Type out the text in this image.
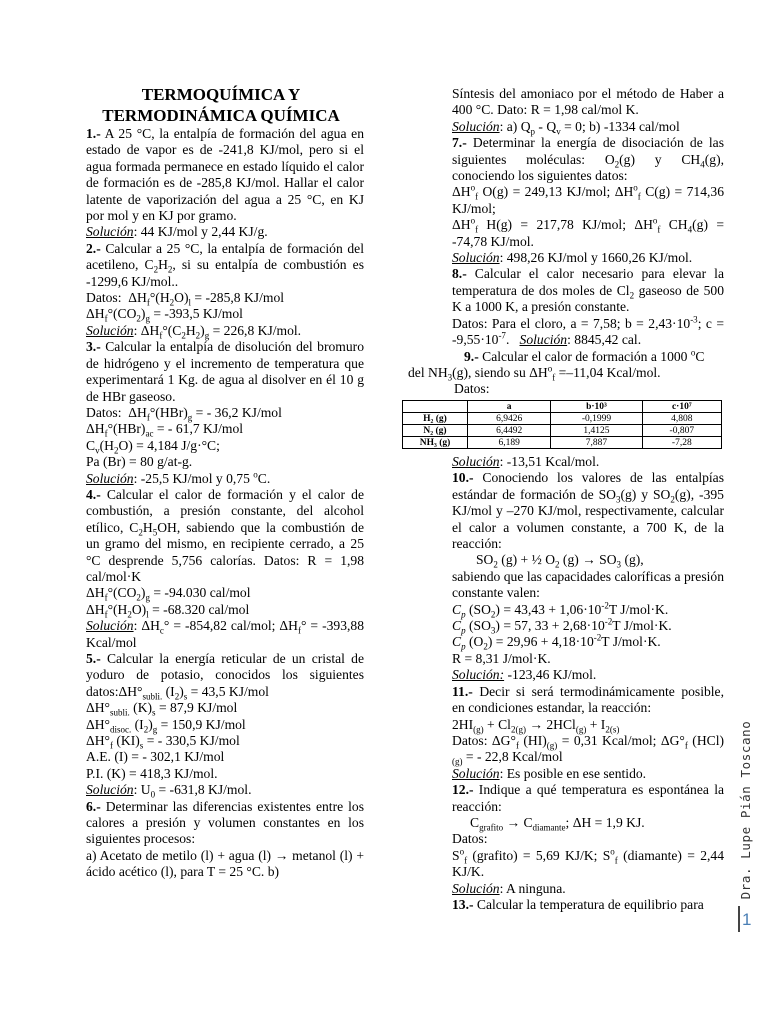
TERMOQUÍMICA Y
TERMODINÁMICA QUÍMICA

1.- A 25 °C, la entalpía de formación del agua en estado de vapor es de -241,8 KJ/mol, pero si el agua formada permanece en estado líquido el calor de formación es de -285,8 KJ/mol. Hallar el calor latente de vaporización del agua a 25 °C, en KJ por mol y en KJ por gramo.

Solución: 44 KJ/mol y 2,44 KJ/g.

2.- Calcular a 25 °C, la entalpía de formación del acetileno, $C_2H_2$, si su entalpía de combustión es -1299,6 KJ/mol..

Datos:  $\Delta H_f^\circ(H_2O)_l = -285,8$ KJ/mol
$\Delta H_f^\circ(CO_2)_g = -393,5$ KJ/mol

Solución: $\Delta H_f^\circ(C_2H_2)_g = 226,8$ KJ/mol.

3.- Calcular la entalpía de disolución del bromuro de hidrógeno y el incremento de temperatura que experimentará 1 Kg. de agua al disolver en él 10 g de HBr gaseoso.

Datos:  $\Delta H_f^\circ(HBr)_g$ = - 36,2 KJ/mol
$\Delta H_f^\circ(HBr)_{ac}$ = - 61,7 KJ/mol
$C_v(H_2O) = 4,184$ J/g·°C;
Pa (Br) = 80 g/at-g.

Solución: -25,5 KJ/mol y 0,75 $^o$C.

4.- Calcular el calor de formación y el calor de combustión, a presión constante, del alcohol etílico, $C_2H_5OH$, sabiendo que la combustión de un gramo del mismo, en recipiente cerrado, a 25 °C desprende 5,756 calorías. Datos: R = 1,98 cal/mol·K
$\Delta H_f^\circ(CO_2)_g = -94.030$ cal/mol
$\Delta H_f^\circ(H_2O)_l = -68.320$ cal/mol

Solución: $\Delta H_c^\circ = -854,82$ cal/mol; $\Delta H_f^\circ = -393,88$ Kcal/mol

5.- Calcular la energía reticular de un cristal de yoduro de potasio, conocidos los siguientes $datos:\Delta H^\circ_{subli.}$ $(I_2)_s = 43,5$ KJ/mol
$\Delta H^\circ_{subli.}$ $(K)_s = 87,9$ KJ/mol
$\Delta H^\circ_{disoc.}$ $(I_2)_g = 150,9$ KJ/mol
$\Delta H^\circ_f$ $(KI)_s$ = - 330,5 KJ/mol
A.E. (I) = - 302,1 KJ/mol
P.I. (K) = 418,3 KJ/mol.

Solución: $U_0 = -631,8$ KJ/mol.

6.- Determinar las diferencias existentes entre los calores a presión y volumen constantes en los siguientes procesos:
a) Acetato de metilo (l) + agua (l) → metanol (l) + ácido acético (l), para T = 25 °C. b)

Síntesis del amoniaco por el método de Haber a 400 °C. Dato: R = 1,98 cal/mol K.

Solución: a) $Q_p - Q_v = 0$; b) -1334 cal/mol

7.- Determinar la energía de disociación de las siguientes moléculas: $O_2(g)$ y $CH_4(g)$, conociendo los siguientes datos:
$\Delta H^o_f$ O(g) = 249,13 KJ/mol; $\Delta H^o_f$ C(g) = 714,36 KJ/mol;
$\Delta H^o_f$ H(g) = 217,78 KJ/mol; $\Delta H^o_f$ $CH_4(g) = -74,78$ KJ/mol.

Solución: 498,26 KJ/mol y 1660,26 KJ/mol.

8.- Calcular el calor necesario para elevar la temperatura de dos moles de $Cl_2$ gaseoso de 500 K a 1000 K, a presión constante.
Datos: Para el cloro, a = 7,58; $b = 2,43\cdot 10^{-3}$; $c = -9,55\cdot 10^{-7}$.   Solución: 8845,42 cal.

9.- Calcular el calor de formación a 1000 $^o$C

del $NH_3(g)$, siendo su $\Delta H^o_f =-11,04$ Kcal/mol.

Datos:

	a	b·10³	c·10⁷
H₂ (g)	6,9426	-0,1999	4,808
N₂ (g)	6,4492	1,4125	-0,807
NH₃ (g)	6,189	7,887	-7,28

Solución: -13,51 Kcal/mol.

10.- Conociendo los valores de las entalpías estándar de formación de $SO_3(g)$ y $SO_2(g)$, -395 KJ/mol y –270 KJ/mol, respectivamente, calcular el calor a volumen constante, a 700 K, de la reacción:

$SO_2$ (g) + ½ $O_2$ $(g) \to SO_3$ (g),

sabiendo que las capacidades caloríficas a presión constante valen:
$C_p$ $(SO_2) = 43,43 + 1,06\cdot 10^{-2}T$ J/mol·K.
$C_p$ $(SO_3) = 57$, $33 + 2,68\cdot 10^{-2}T$ J/mol·K.
$C_p$ $(O_2) = 29,96 + 4,18\cdot 10^{-2}T$ J/mol·K.
R = 8,31 J/mol·K.

Solución: -123,46 KJ/mol.

11.- Decir si será termodinámicamente posible, en condiciones estandar, la reacción:
$2HI_{(g)} + Cl_{2(g)} \to 2HCl_{(g)} + I_{2(s)}$
Datos: $\Delta G^\circ_f$ $(HI)_{(g)} = 0,31$ Kcal/mol; $\Delta G^\circ_f$ $(HCl)_{(g)}$ = - 22,8 Kcal/mol

Solución: Es posible en ese sentido.

12.- Indique a qué temperatura es espontánea la reacción:

$C_{grafito} \to C_{diamante}$; ΔH = 1,9 KJ.

Datos:
$S^o_f$ (grafito) = 5,69 KJ/K; $S^o_f$ (diamante) = 2,44 KJ/K.

Solución: A ninguna.

13.- Calcular la temperatura de equilibrio para

Dra. Lupe Pián Toscano
1
